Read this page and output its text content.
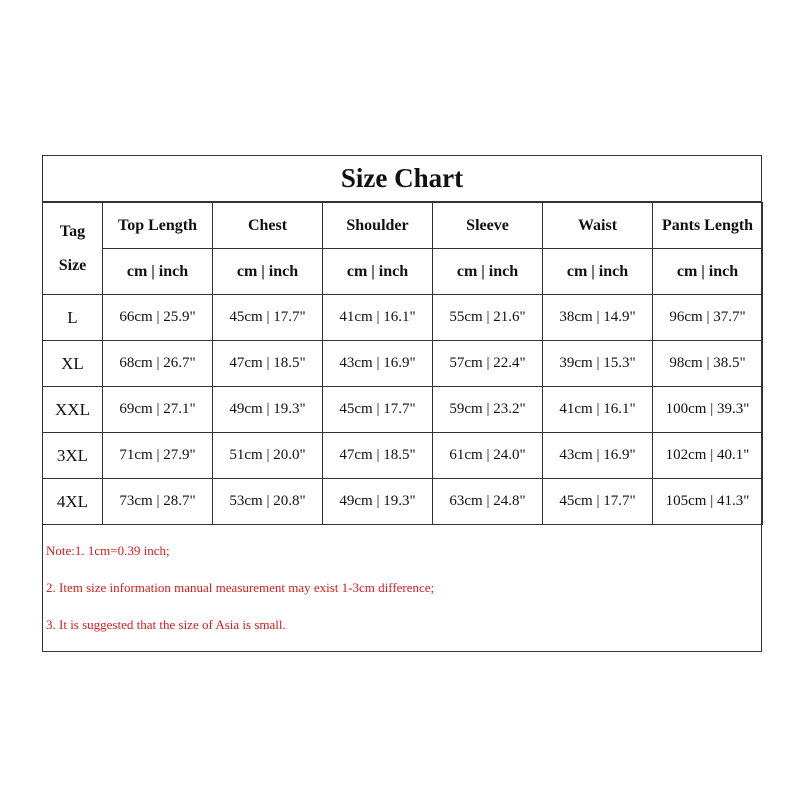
Size Chart
Tag
Size	Top Length	Chest	Shoulder	Sleeve	Waist	Pants Length
	cm | inch	cm | inch	cm | inch	cm | inch	cm | inch	cm | inch
L	66cm | 25.9"	45cm | 17.7"	41cm | 16.1"	55cm | 21.6"	38cm | 14.9"	96cm | 37.7"
XL	68cm | 26.7"	47cm | 18.5"	43cm | 16.9"	57cm | 22.4"	39cm | 15.3"	98cm | 38.5"
XXL	69cm | 27.1"	49cm | 19.3"	45cm | 17.7"	59cm | 23.2"	41cm | 16.1"	100cm | 39.3"
3XL	71cm | 27.9"	51cm | 20.0"	47cm | 18.5"	61cm | 24.0"	43cm | 16.9"	102cm | 40.1"
4XL	73cm | 28.7"	53cm | 20.8"	49cm | 19.3"	63cm | 24.8"	45cm | 17.7"	105cm | 41.3"
Note:1. 1cm=0.39 inch;
2. Item size information manual measurement may exist 1-3cm difference;
3. It is suggested that the size of Asia is small.
